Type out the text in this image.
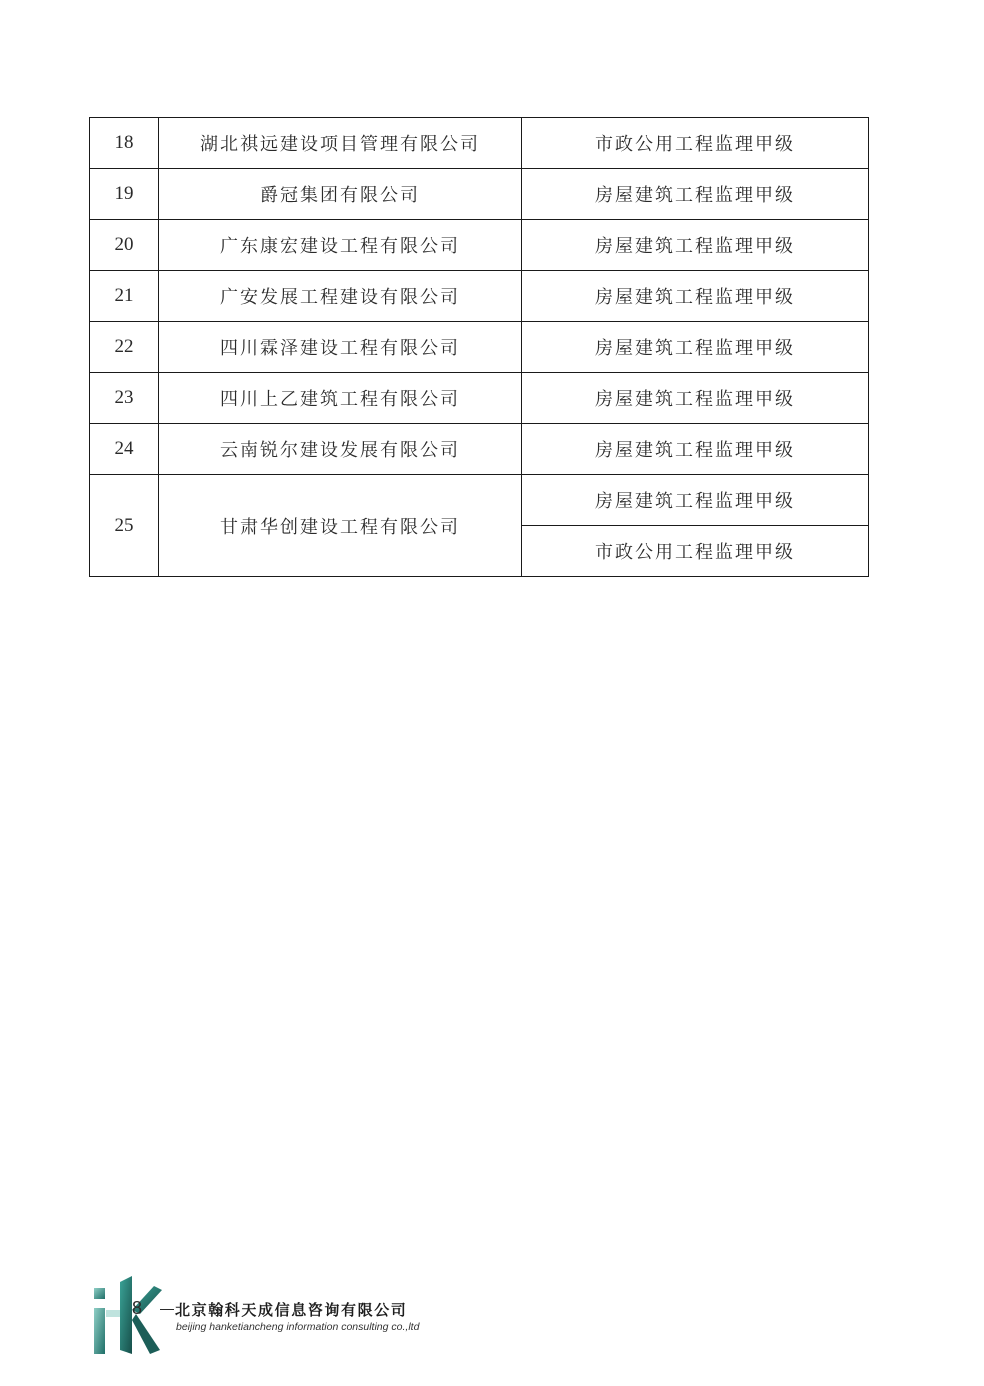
18	湖北祺远建设项目管理有限公司	市政公用工程监理甲级
19	爵冠集团有限公司	房屋建筑工程监理甲级
20	广东康宏建设工程有限公司	房屋建筑工程监理甲级
21	广安发展工程建设有限公司	房屋建筑工程监理甲级
22	四川霖泽建设工程有限公司	房屋建筑工程监理甲级
23	四川上乙建筑工程有限公司	房屋建筑工程监理甲级
24	云南锐尔建设发展有限公司	房屋建筑工程监理甲级
25	甘肃华创建设工程有限公司	房屋建筑工程监理甲级
		市政公用工程监理甲级
8 北京翰科天成信息咨询有限公司
beijing hanketiancheng information consulting co.,ltd
